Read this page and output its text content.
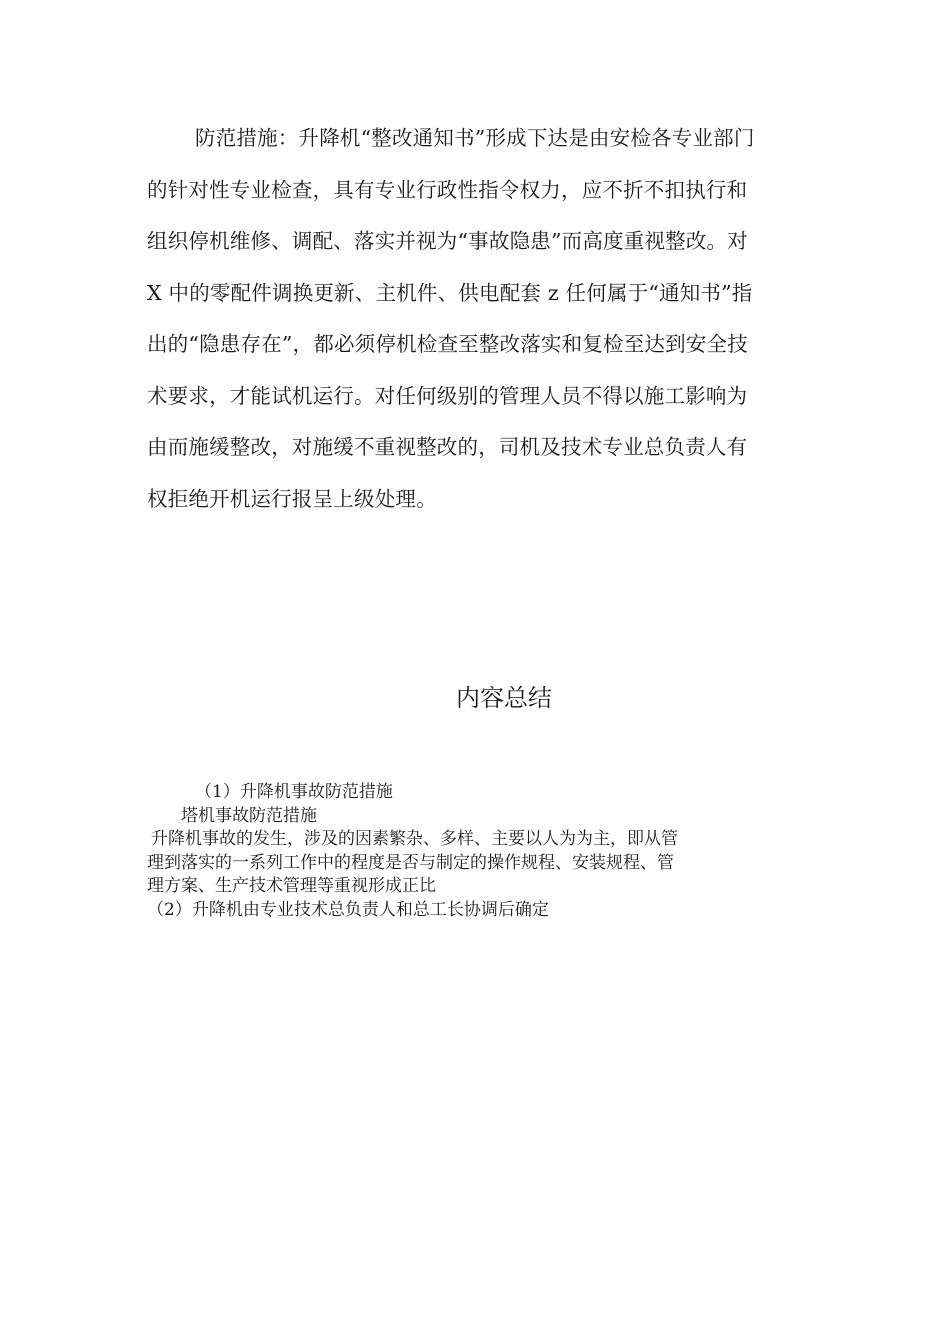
防范措施：升降机“整改通知书”形成下达是由安检各专业部门
的针对性专业检查，具有专业行政性指令权力，应不折不扣执行和
组织停机维修、调配、落实并视为“事故隐患”而高度重视整改。对
X 中的零配件调换更新、主机件、供电配套 z 任何属于“通知书”指
出的“隐患存在”，都必须停机检查至整改落实和复检至达到安全技
术要求，才能试机运行。对任何级别的管理人员不得以施工影响为
由而施缓整改，对施缓不重视整改的，司机及技术专业总负责人有
权拒绝开机运行报呈上级处理。
内容总结
（1）升降机事故防范措施
塔机事故防范措施
升降机事故的发生，涉及的因素繁杂、多样、主要以人为为主，即从管
理到落实的一系列工作中的程度是否与制定的操作规程、安装规程、管
理方案、生产技术管理等重视形成正比
（2）升降机由专业技术总负责人和总工长协调后确定
